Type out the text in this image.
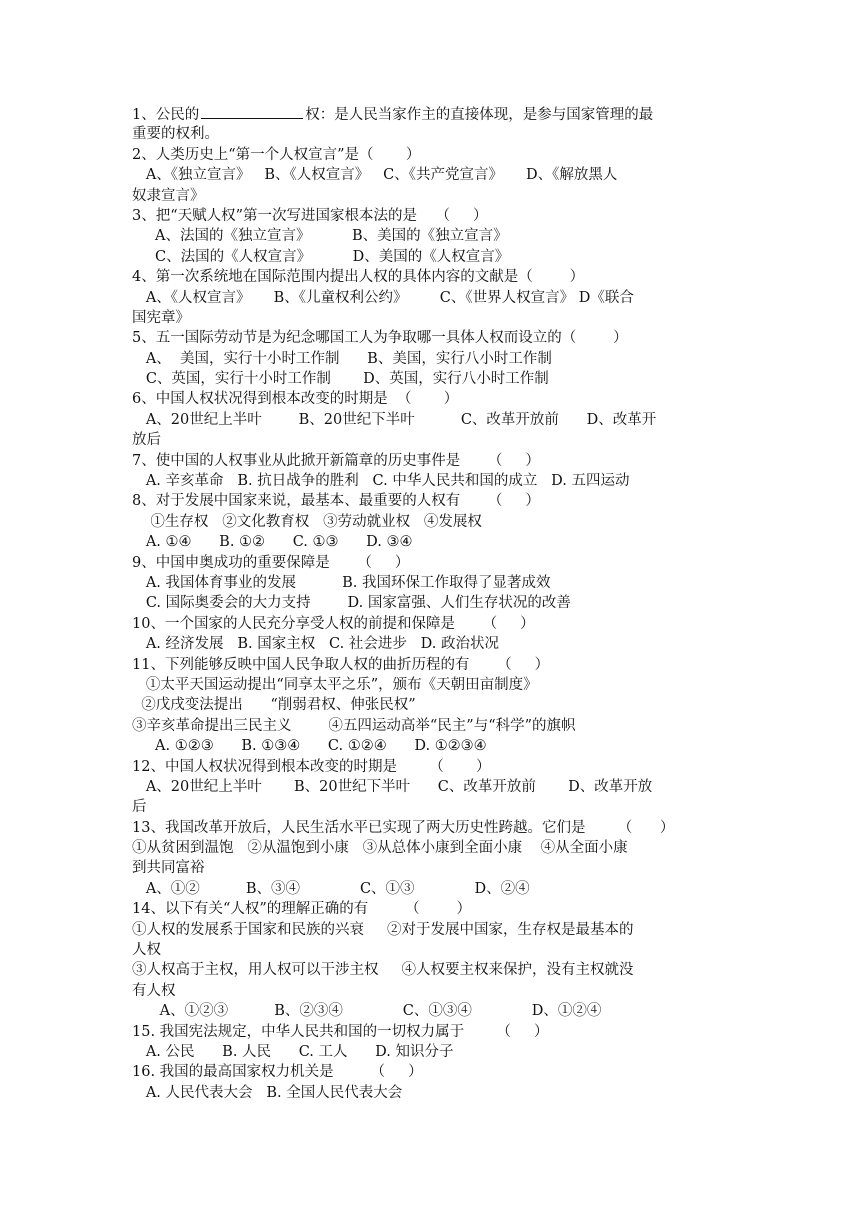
1、公民的	权：是人民当家作主的直接体现，是参与国家管理的最
重要的权利。
2、人类历史上“第一个人权宣言”是（       ）
A、《独立宣言》   B、《人权宣言》   C、《共产党宣言》     D、《解放黑人
奴隶宣言》
3、把“天赋人权”第一次写进国家根本法的是    （     ）
A、法国的《独立宣言》         B、美国的《独立宣言》
C、法国的《人权宣言》         D、美国的《人权宣言》
4、第一次系统地在国际范围内提出人权的具体内容的文献是（        ）
A、《人权宣言》     B、《儿童权利公约》       C、《世界人权宣言》 D《联合
国宪章》
5、五一国际劳动节是为纪念哪国工人为争取哪一具体人权而设立的（        ）
A、  美国，实行十小时工作制      B、美国，实行八小时工作制
C、英国，实行十小时工作制       D、英国，实行八小时工作制
6、中国人权状况得到根本改变的时期是  （       ）
A、20世纪上半叶        B、20世纪下半叶          C、改革开放前      D、改革开
放后
7、使中国的人权事业从此掀开新篇章的历史事件是      （     ）
A. 辛亥革命   B. 抗日战争的胜利   C. 中华人民共和国的成立   D. 五四运动
8、对于发展中国家来说，最基本、最重要的人权有      （     ）
①生存权   ②文化教育权   ③劳动就业权   ④发展权
A. ①④      B. ①②      C. ①③      D. ③④
9、中国申奥成功的重要保障是      （     ）
A. 我国体育事业的发展          B. 我国环保工作取得了显著成效
C. 国际奥委会的大力支持        D. 国家富强、人们生存状况的改善
10、一个国家的人民充分享受人权的前提和保障是      （     ）
A. 经济发展   B. 国家主权   C. 社会进步   D. 政治状况
11、下列能够反映中国人民争取人权的曲折历程的有      （     ）
①太平天国运动提出“同享太平之乐”，颁布《天朝田亩制度》
②戊戌变法提出      “削弱君权、伸张民权”
③辛亥革命提出三民主义        ④五四运动高举“民主”与“科学”的旗帜
A. ①②③      B. ①③④      C. ①②④      D. ①②③④
12、中国人权状况得到根本改变的时期是       （       ）
A、20世纪上半叶       B、20世纪下半叶      C、改革开放前       D、改革开放
后
13、我国改革开放后，人民生活水平已实现了两大历史性跨越。它们是       （      ）
①从贫困到温饱   ②从温饱到小康   ③从总体小康到全面小康    ④从全面小康
到共同富裕
A、①②          B、③④             C、①③             D、②④
14、以下有关“人权”的理解正确的有        （        ）
①人权的发展系于国家和民族的兴衰     ②对于发展中国家，生存权是最基本的
人权
③人权高于主权，用人权可以干涉主权     ④人权要主权来保护，没有主权就没
有人权
A、①②③          B、②③④             C、①③④             D、①②④
15. 我国宪法规定，中华人民共和国的一切权力属于       （     ）
A. 公民      B. 人民      C. 工人      D. 知识分子
16. 我国的最高国家权力机关是        （     ）
A. 人民代表大会   B. 全国人民代表大会
